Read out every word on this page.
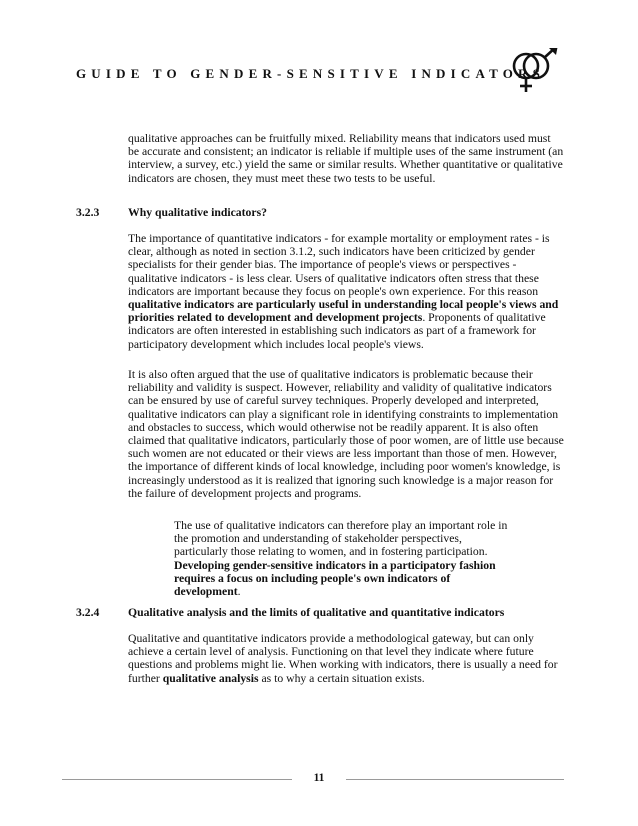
GUIDE TO GENDER-SENSITIVE INDICATORS

qualitative approaches can be fruitfully mixed. Reliability means that indicators used must be accurate and consistent; an indicator is reliable if multiple uses of the same instrument (an interview, a survey, etc.) yield the same or similar results. Whether quantitative or qualitative indicators are chosen, they must meet these two tests to be useful.

3.2.3 Why qualitative indicators?

The importance of quantitative indicators - for example mortality or employment rates - is clear, although as noted in section 3.1.2, such indicators have been criticized by gender specialists for their gender bias. The importance of people's views or perspectives - qualitative indicators - is less clear. Users of qualitative indicators often stress that these indicators are important because they focus on people's own experience. For this reason qualitative indicators are particularly useful in understanding local people's views and priorities related to development and development projects. Proponents of qualitative indicators are often interested in establishing such indicators as part of a framework for participatory development which includes local people's views.

It is also often argued that the use of qualitative indicators is problematic because their reliability and validity is suspect. However, reliability and validity of qualitative indicators can be ensured by use of careful survey techniques. Properly developed and interpreted, qualitative indicators can play a significant role in identifying constraints to implementation and obstacles to success, which would otherwise not be readily apparent. It is also often claimed that qualitative indicators, particularly those of poor women, are of little use because such women are not educated or their views are less important than those of men. However, the importance of different kinds of local knowledge, including poor women's knowledge, is increasingly understood as it is realized that ignoring such knowledge is a major reason for the failure of development projects and programs.

The use of qualitative indicators can therefore play an important role in the promotion and understanding of stakeholder perspectives, particularly those relating to women, and in fostering participation. Developing gender-sensitive indicators in a participatory fashion requires a focus on including people's own indicators of development.

3.2.4 Qualitative analysis and the limits of qualitative and quantitative indicators

Qualitative and quantitative indicators provide a methodological gateway, but can only achieve a certain level of analysis. Functioning on that level they indicate where future questions and problems might lie. When working with indicators, there is usually a need for further qualitative analysis as to why a certain situation exists.

11
